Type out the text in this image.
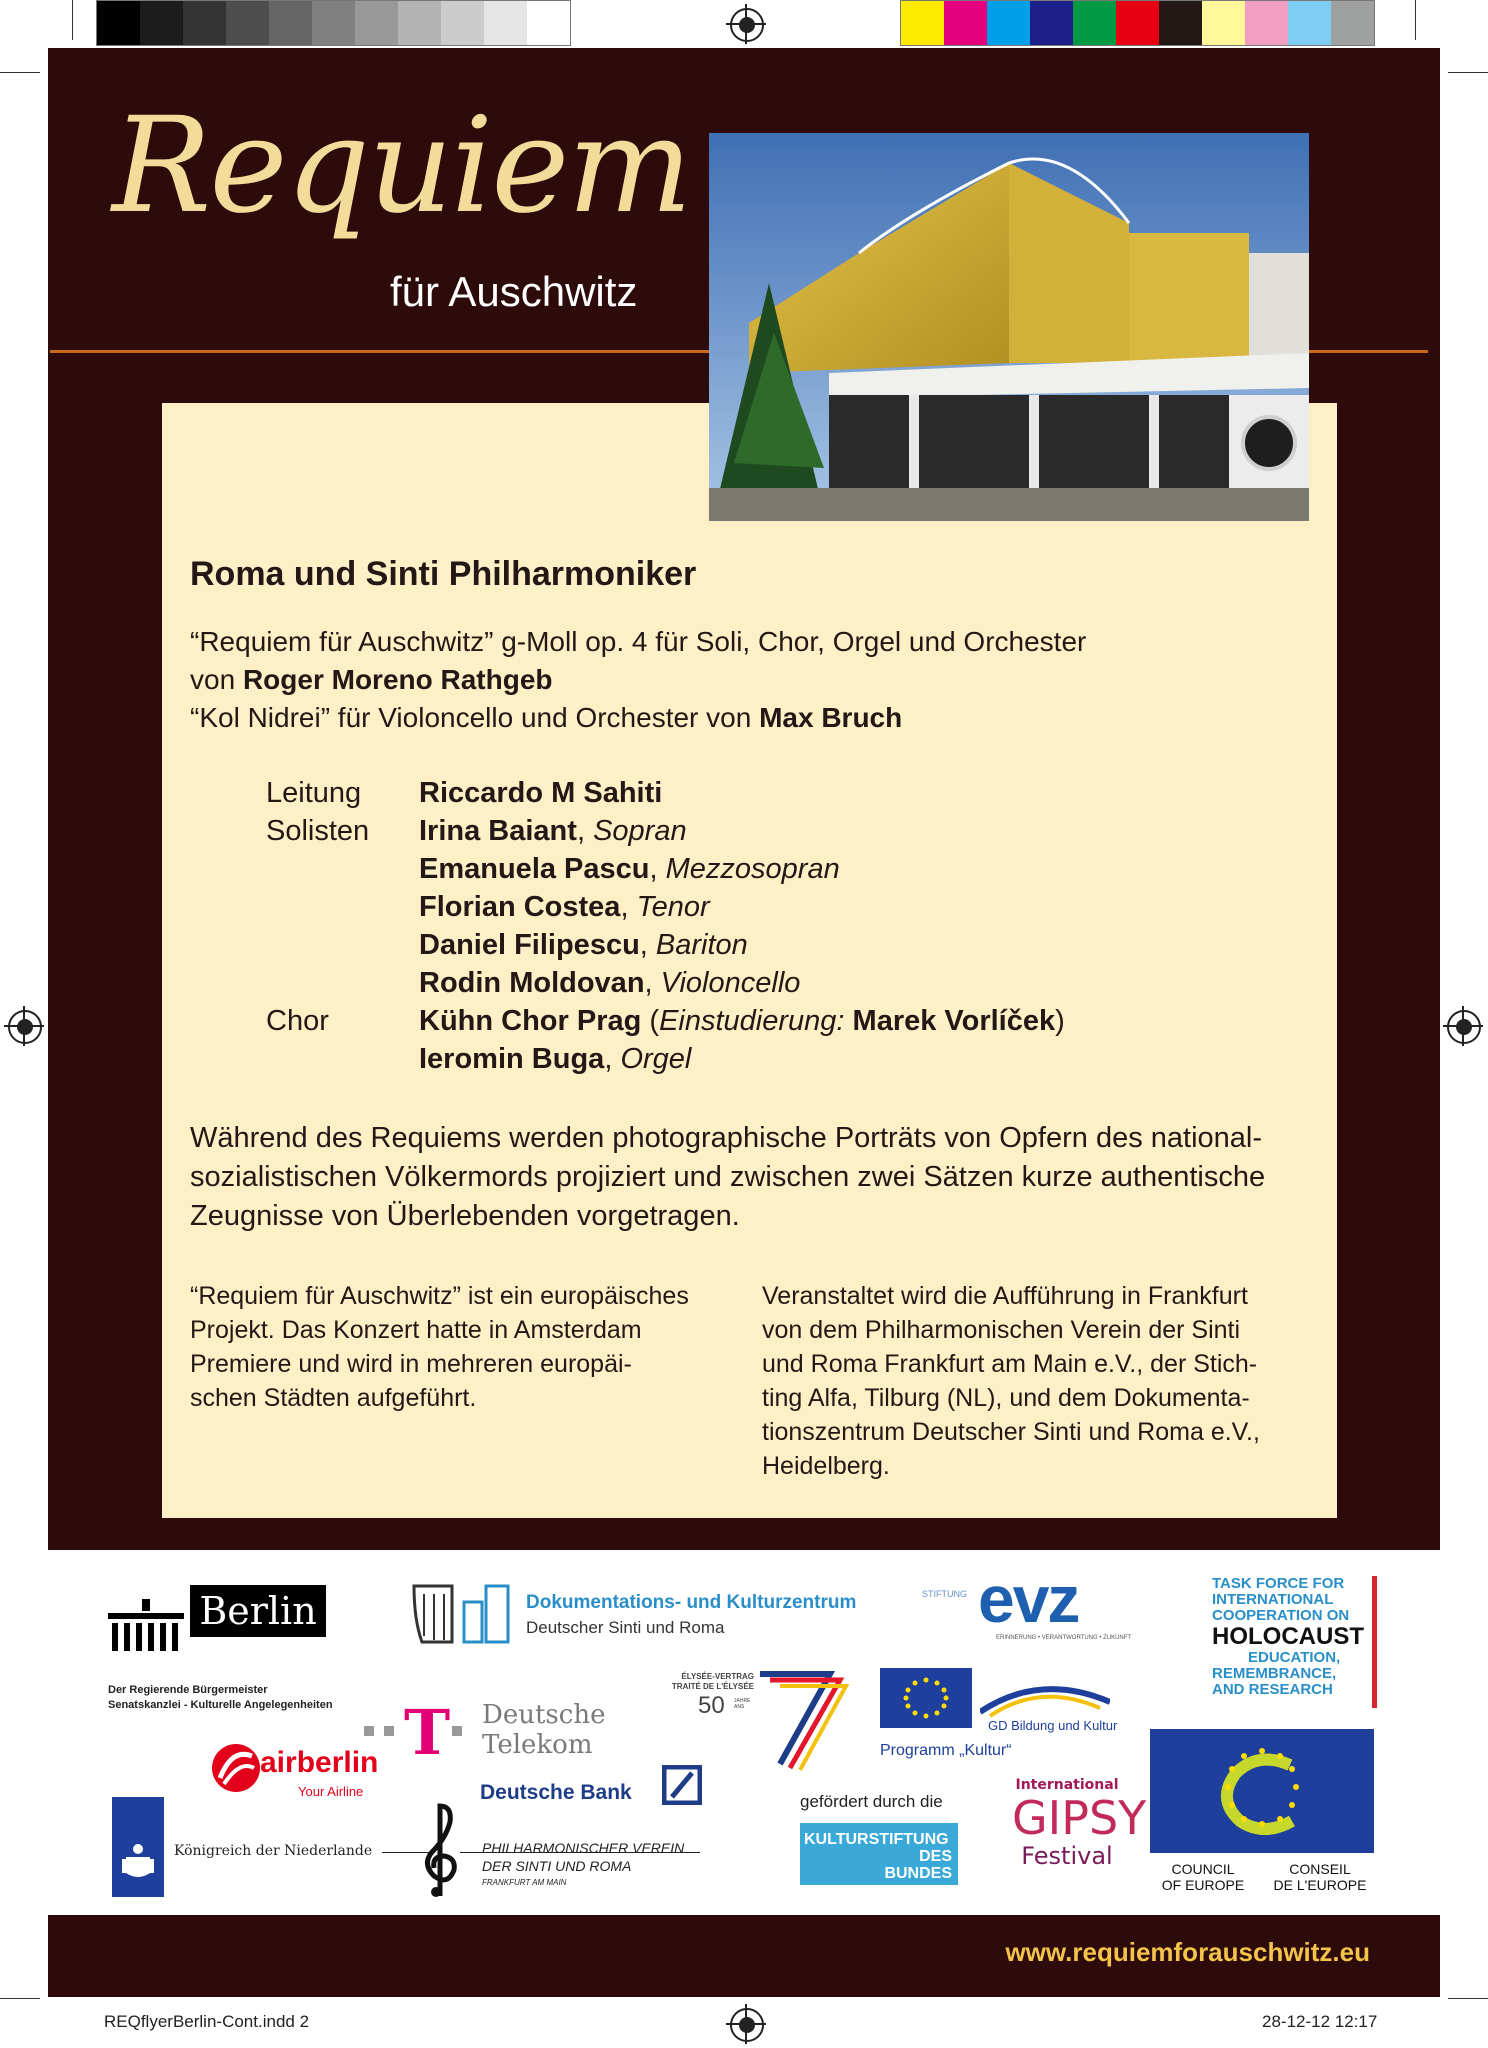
Requiem
für Auschwitz
Roma und Sinti Philharmoniker
“Requiem für Auschwitz” g-Moll op. 4 für Soli, Chor, Orgel und Orchester
von Roger Moreno Rathgeb
“Kol Nidrei” für Violoncello und Orchester von Max Bruch
Leitung Riccardo M Sahiti
Solisten Irina Baiant, Sopran
Emanuela Pascu, Mezzosopran
Florian Costea, Tenor
Daniel Filipescu, Bariton
Rodin Moldovan, Violoncello
Chor	Kühn Chor Prag (Einstudierung: Marek Vorlíček)
Ieromin Buga, Orgel
Während des Requiems werden photographische Porträts von Opfern des national-
sozialistischen Völkermords projiziert und zwischen zwei Sätzen kurze authentische
Zeugnisse von Überlebenden vorgetragen.
“Requiem für Auschwitz” ist ein europäisches
Projekt. Das Konzert hatte in Amsterdam
Premiere und wird in mehreren europäi-
schen Städten aufgeführt.
Veranstaltet wird die Aufführung in Frankfurt
von dem Philharmonischen Verein der Sinti
und Roma Frankfurt am Main e.V., der Stich-
ting Alfa, Tilburg (NL), und dem Dokumenta-
tionszentrum Deutscher Sinti und Roma e.V.,
Heidelberg.
Berlin
Der Regierende Bürgermeister
Senatskanzlei - Kulturelle Angelegenheiten
Dokumentations- und Kulturzentrum
Deutscher Sinti und Roma
STIFTUNG evz
ERINNERUNG • VERANTWORTUNG • ZUKUNFT
TASK FORCE FOR
INTERNATIONAL
COOPERATION ON
HOLOCAUST
EDUCATION,
REMEMBRANCE,
AND RESEARCH
ÉLYSÉE-VERTRAG
TRAITÉ DE L'ÉLYSÉE
50 JAHRE ANS
T Deutsche
Telekom
GD Bildung und Kultur
Programm „Kultur“
COUNCIL
OF EUROPE
CONSEIL
DE L'EUROPE
airberlin
Your Airline	Deutsche Bank	gefördert durch die
KULTURSTIFTUNG
DES
BUNDES
International
GIPSY
Festival
Königreich der Niederlande	PHILHARMONISCHER VEREIN
DER SINTI UND ROMA
FRANKFURT AM MAIN
www.requiemforauschwitz.eu
REQflyerBerlin-Cont.indd 2	28-12-12 12:17
